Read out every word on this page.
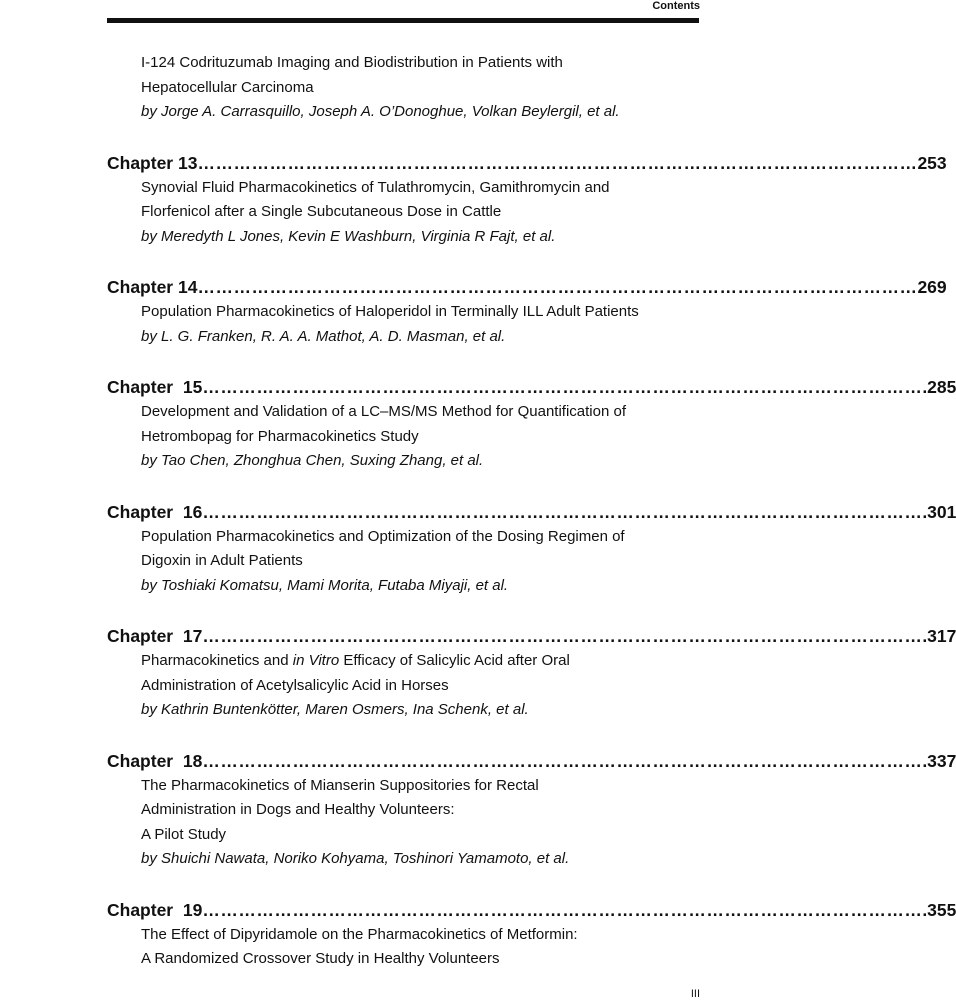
Contents
I-124 Codrituzumab Imaging and Biodistribution in Patients with
Hepatocellular Carcinoma
by Jorge A. Carrasquillo, Joseph A. O’Donoghue, Volkan Beylergil, et al.
Chapter 13 ………………………………………………………………………………………………………… 253
Synovial Fluid Pharmacokinetics of Tulathromycin, Gamithromycin and
Florfenicol after a Single Subcutaneous Dose in Cattle
by Meredyth L Jones, Kevin E Washburn, Virginia R Fajt, et al.
Chapter 14 ………………………………………………………………………………………………………… 269
Population Pharmacokinetics of Haloperidol in Terminally ILL Adult Patients
by L. G. Franken, R. A. A. Mathot, A. D. Masman, et al.
Chapter  15 ………………………………………………………………………………………………………… .285
Development and Validation of a LC–MS/MS Method for Quantification of
Hetrombopag for Pharmacokinetics Study
by Tao Chen, Zhonghua Chen, Suxing Zhang, et al.
Chapter  16 ………………………………………………………………………………………………………… .301
Population Pharmacokinetics and Optimization of the Dosing Regimen of
Digoxin in Adult Patients
by Toshiaki Komatsu, Mami Morita, Futaba Miyaji, et al.
Chapter  17 ………………………………………………………………………………………………………… .317
Pharmacokinetics and in Vitro Efficacy of Salicylic Acid after Oral
Administration of Acetylsalicylic Acid in Horses
by Kathrin Buntenkötter, Maren Osmers, Ina Schenk, et al.
Chapter  18 ………………………………………………………………………………………………………… .337
The Pharmacokinetics of Mianserin Suppositories for Rectal
Administration in Dogs and Healthy Volunteers:
A Pilot Study
by Shuichi Nawata, Noriko Kohyama, Toshinori Yamamoto, et al.
Chapter  19 ………………………………………………………………………………………………………… .355
The Effect of Dipyridamole on the Pharmacokinetics of Metformin:
A Randomized Crossover Study in Healthy Volunteers
III
